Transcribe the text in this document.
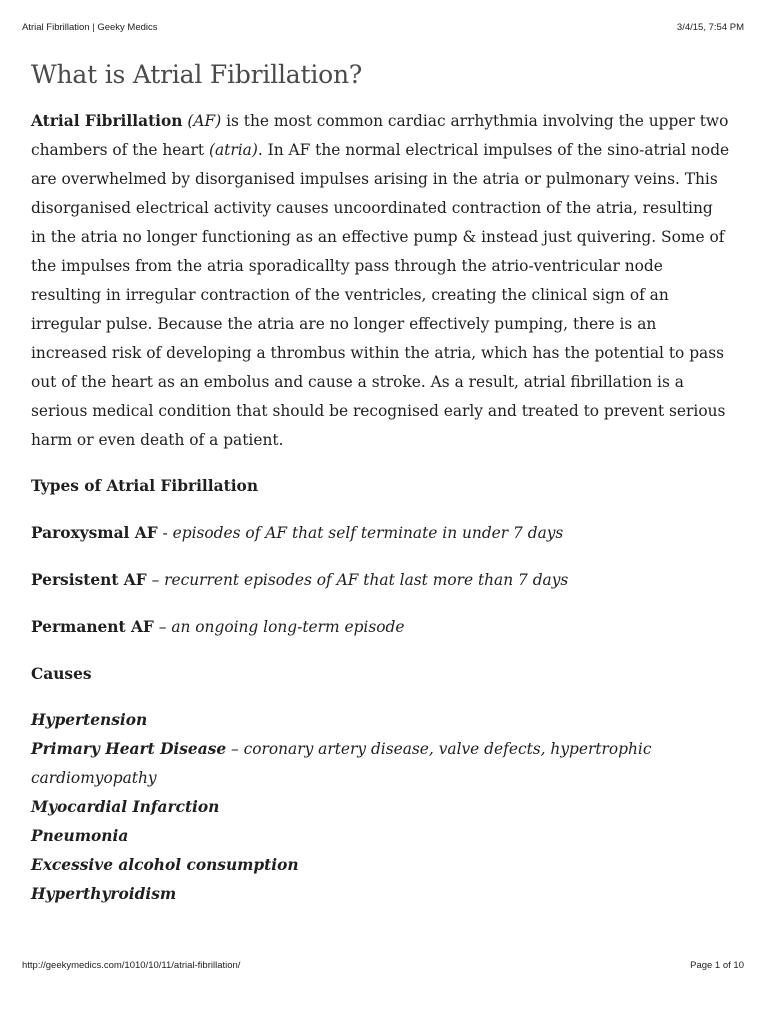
Atrial Fibrillation | Geeky Medics	3/4/15, 7:54 PM
What is Atrial Fibrillation?

Atrial Fibrillation (AF) is the most common cardiac arrhythmia involving the upper two chambers of the heart (atria). In AF the normal electrical impulses of the sino-atrial node are overwhelmed by disorganised impulses arising in the atria or pulmonary veins. This disorganised electrical activity causes uncoordinated contraction of the atria, resulting in the atria no longer functioning as an effective pump & instead just quivering. Some of the impulses from the atria sporadicallty pass through the atrio-ventricular node resulting in irregular contraction of the ventricles, creating the clinical sign of an irregular pulse. Because the atria are no longer effectively pumping, there is an increased risk of developing a thrombus within the atria, which has the potential to pass out of the heart as an embolus and cause a stroke. As a result, atrial fibrillation is a serious medical condition that should be recognised early and treated to prevent serious harm or even death of a patient.

Types of Atrial Fibrillation

Paroxysmal AF - episodes of AF that self terminate in under 7 days

Persistent AF – recurrent episodes of AF that last more than 7 days

Permanent AF – an ongoing long-term episode

Causes

Hypertension
Primary Heart Disease – coronary artery disease, valve defects, hypertrophic cardiomyopathy
Myocardial Infarction
Pneumonia
Excessive alcohol consumption
Hyperthyroidism
http://geekymedics.com/1010/10/11/atrial-fibrillation/	Page 1 of 10
